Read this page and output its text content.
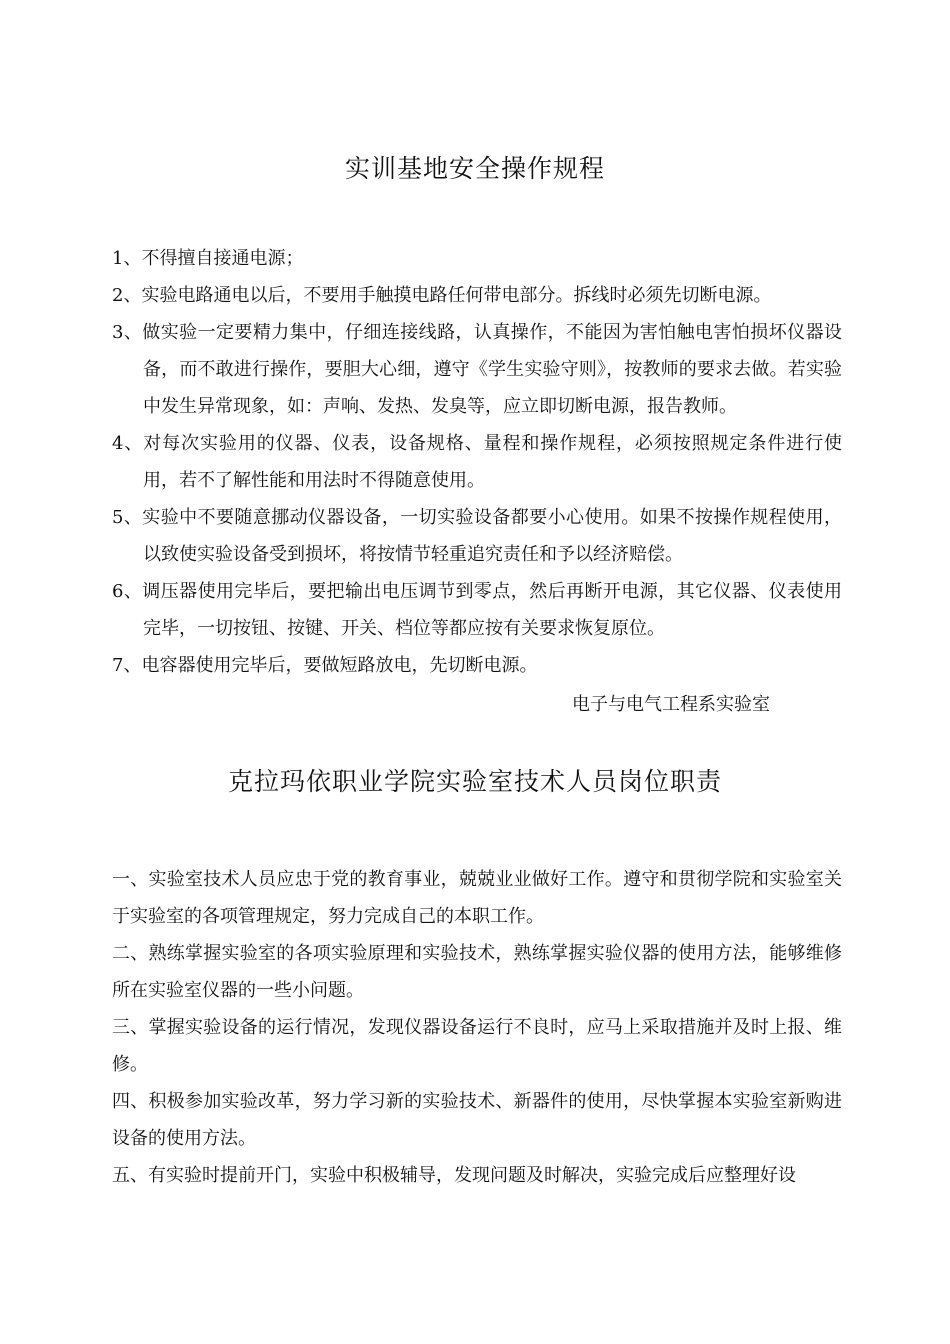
实训基地安全操作规程
1、不得擅自接通电源；
2、实验电路通电以后，不要用手触摸电路任何带电部分。拆线时必须先切断电源。
3、做实验一定要精力集中，仔细连接线路，认真操作，不能因为害怕触电害怕损坏仪器设备，而不敢进行操作，要胆大心细，遵守《学生实验守则》，按教师的要求去做。若实验中发生异常现象，如：声响、发热、发臭等，应立即切断电源，报告教师。
4、对每次实验用的仪器、仪表，设备规格、量程和操作规程，必须按照规定条件进行使用，若不了解性能和用法时不得随意使用。
5、实验中不要随意挪动仪器设备，一切实验设备都要小心使用。如果不按操作规程使用，以致使实验设备受到损坏，将按情节轻重追究责任和予以经济赔偿。
6、调压器使用完毕后，要把输出电压调节到零点，然后再断开电源，其它仪器、仪表使用完毕，一切按钮、按键、开关、档位等都应按有关要求恢复原位。
7、电容器使用完毕后，要做短路放电，先切断电源。
电子与电气工程系实验室
克拉玛依职业学院实验室技术人员岗位职责
一、实验室技术人员应忠于党的教育事业，兢兢业业做好工作。遵守和贯彻学院和实验室关于实验室的各项管理规定，努力完成自己的本职工作。
二、熟练掌握实验室的各项实验原理和实验技术，熟练掌握实验仪器的使用方法，能够维修所在实验室仪器的一些小问题。
三、掌握实验设备的运行情况，发现仪器设备运行不良时，应马上采取措施并及时上报、维修。
四、积极参加实验改革，努力学习新的实验技术、新器件的使用，尽快掌握本实验室新购进设备的使用方法。
五、有实验时提前开门，实验中积极辅导，发现问题及时解决，实验完成后应整理好设
